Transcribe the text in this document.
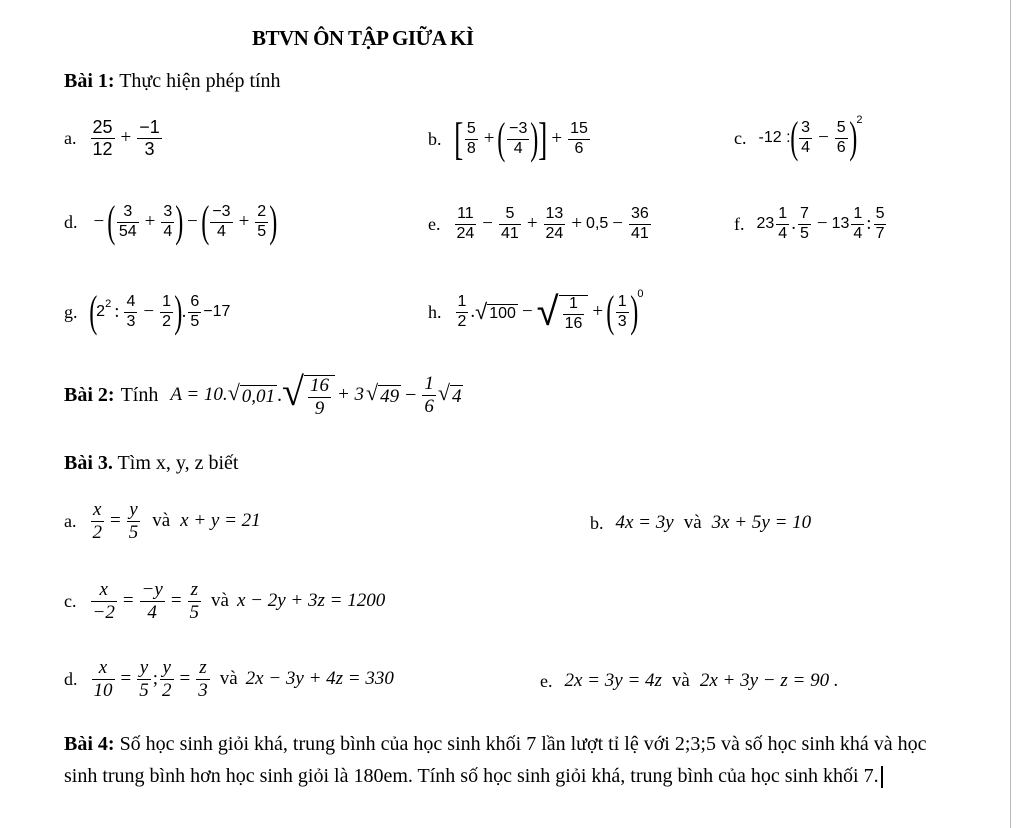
BTVN ÔN TẬP GIỮA KÌ
Bài 1: Thực hiện phép tính
a. $\frac{25}{12} + \frac{-1}{3}$	b. [ $\frac{5}{8}$ + ( $\frac{-3}{4}$ ) ] + $\frac{15}{6}$	c. -12 : ( $\frac{3}{4} - \frac{5}{6}$ ) 2
d. − ( $\frac{3}{54} + \frac{3}{4}$ ) − ( $\frac{-3}{4} + \frac{2}{5}$ )	e. $\frac{11}{24} - \frac{5}{41} + \frac{13}{24} + 0,5 - \frac{36}{41}$	f. $23 \frac{1}{4}$ . $\frac{7}{5} - 13 \frac{1}{4}$ : $\frac{5}{7}$
g. ( 2 2 : $\frac{4}{3} - \frac{1}{2}$ ) . $\frac{6}{5} -17$	h. $\frac{1}{2}$ . √ 100 − √ $\frac{1}{16}$ + ( $\frac{1}{3}$ ) 0
Bài 2: Tính A = 10. √ 0,01 . √ $\frac{16}{9} + 3$ √ $49 - \frac{1}{6}$ √ 4
Bài 3. Tìm x, y, z biết
a. $\frac{x}{2} = \frac{y}{5}$ và x + y = 21	b. 4x = 3y và 3x + 5y = 10
c. $\frac{x}{-2} = \frac{-y}{4} = \frac{z}{5}$ và x − 2y + 3z = 1200
d. $\frac{x}{10} = \frac{y}{5}$ ; $\frac{y}{2} = \frac{z}{3}$ và 2x − 3y + 4z = 330	e. 2x = 3y = 4z và 2x + 3y − z = 90 .
Bài 4: Số học sinh giỏi khá, trung bình của học sinh khối 7 lần lượt tỉ lệ với 2;3;5 và số học sinh khá và học sinh trung bình hơn học sinh giỏi là 180em. Tính số học sinh giỏi khá, trung bình của học sinh khối 7.
